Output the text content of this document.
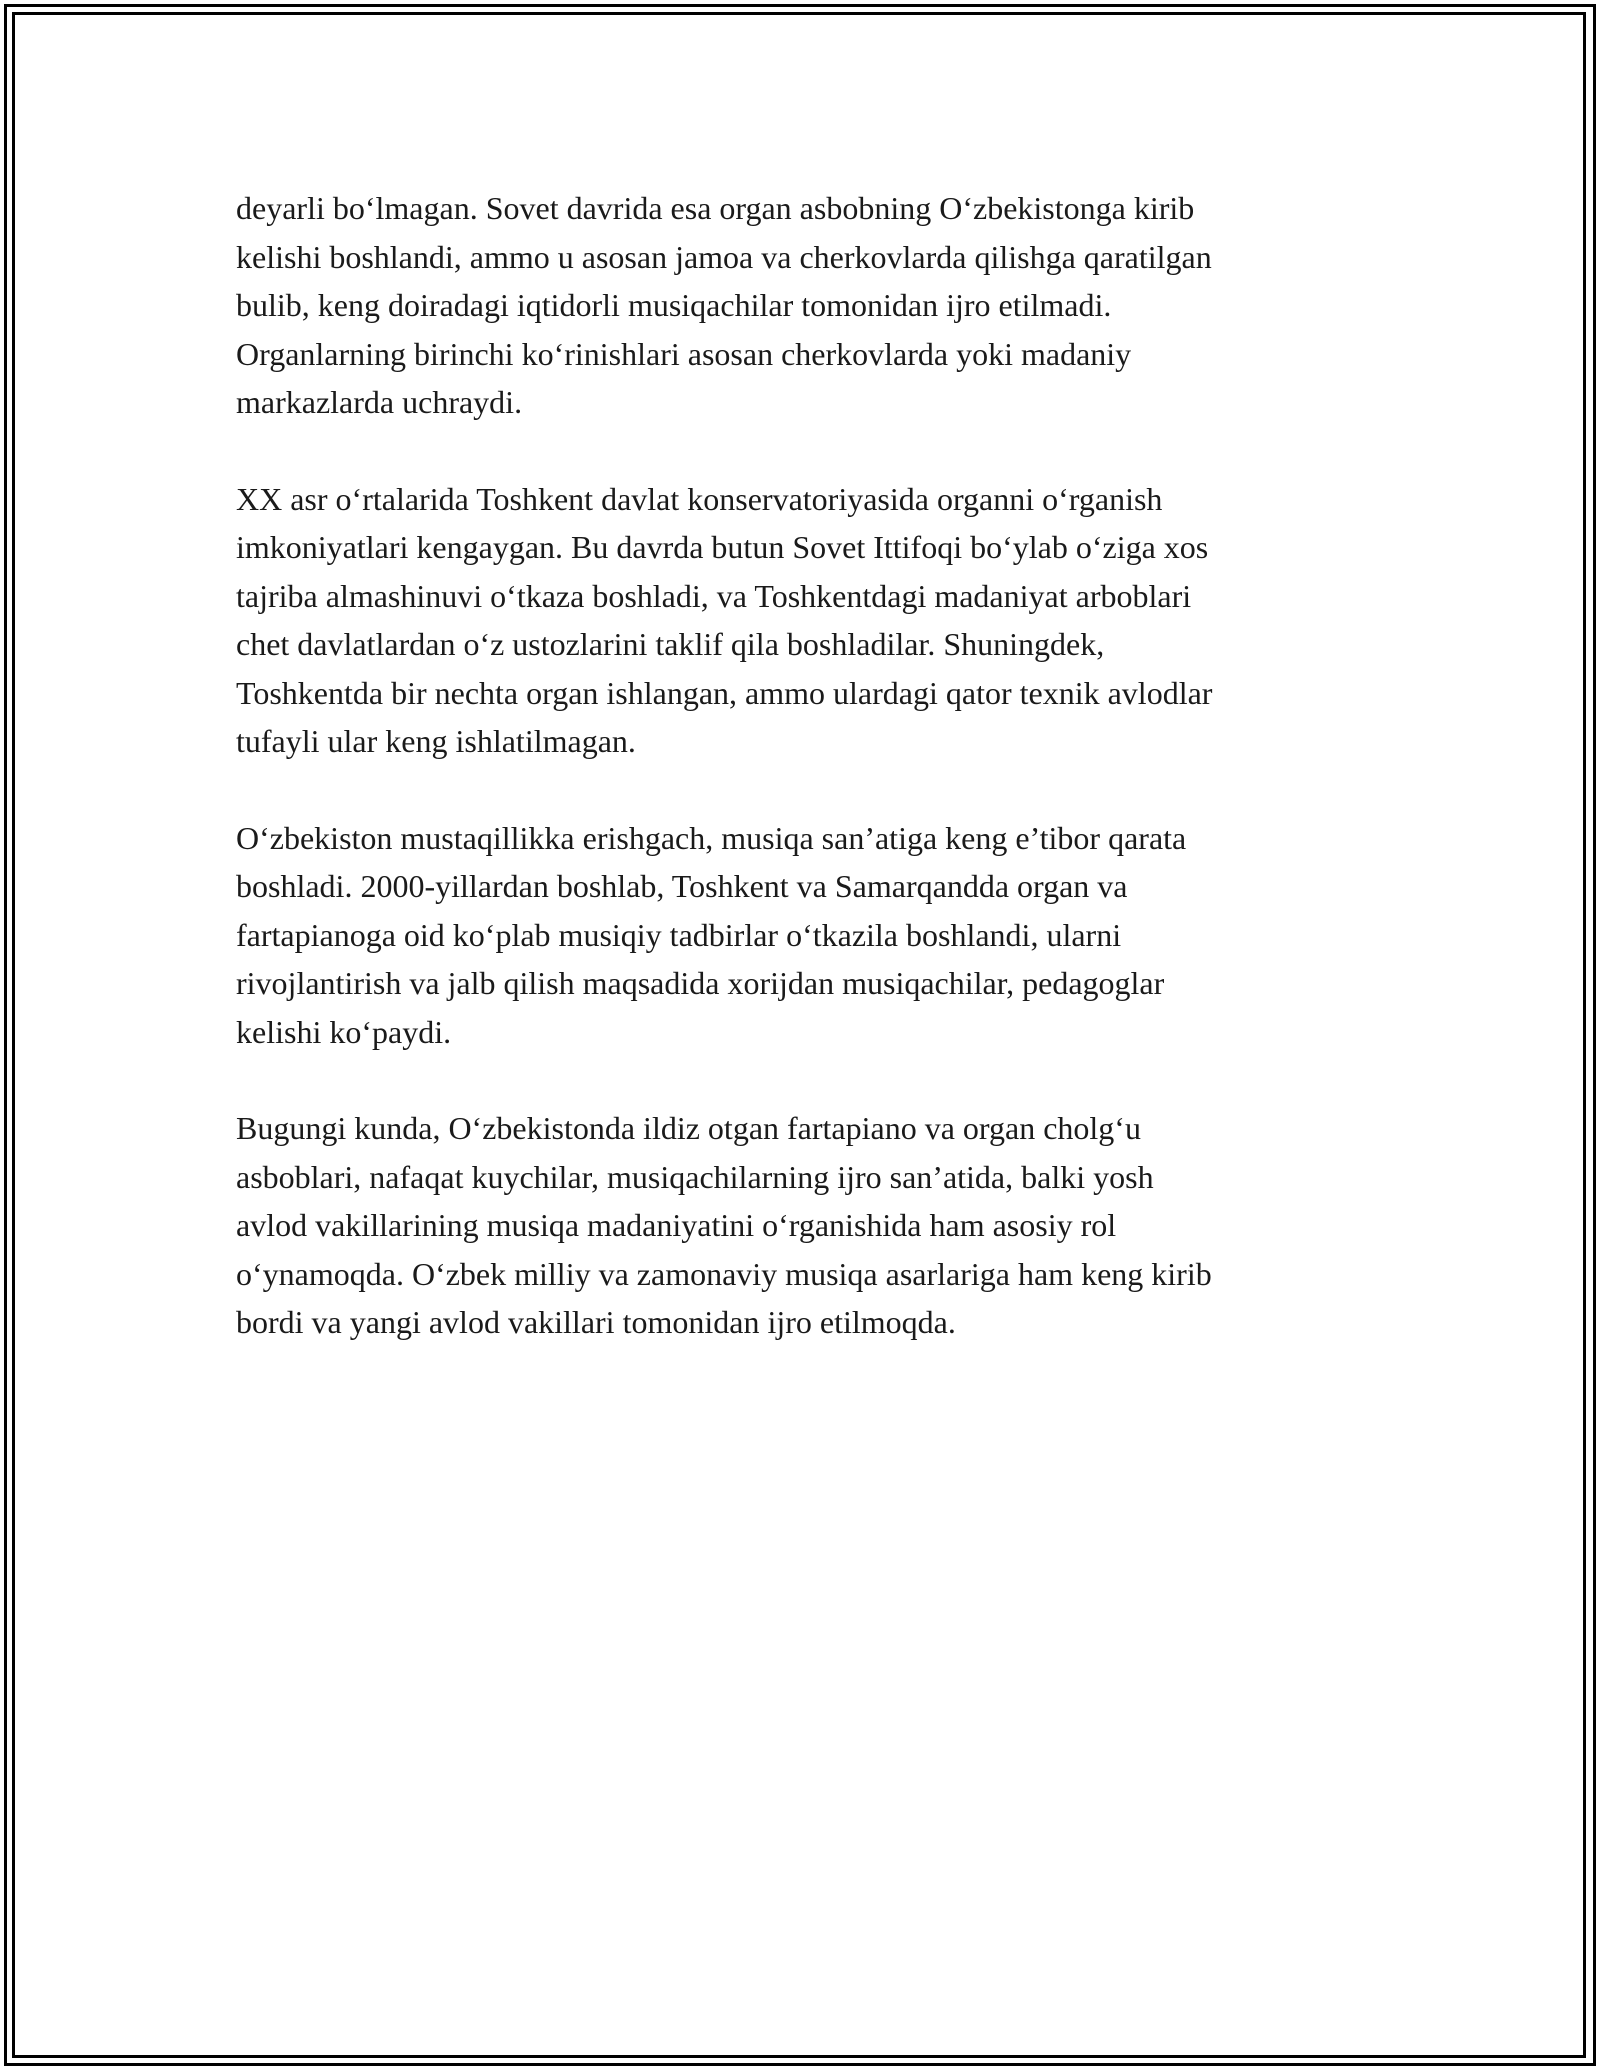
deyarli bo‘lmagan. Sovet davrida esa organ asbobning O‘zbekistonga kirib
kelishi boshlandi, ammo u asosan jamoa va cherkovlarda qilishga qaratilgan
bulib, keng doiradagi iqtidorli musiqachilar tomonidan ijro etilmadi.
Organlarning birinchi ko‘rinishlari asosan cherkovlarda yoki madaniy
markazlarda uchraydi.

XX asr o‘rtalarida Toshkent davlat konservatoriyasida organni o‘rganish
imkoniyatlari kengaygan. Bu davrda butun Sovet Ittifoqi bo‘ylab o‘ziga xos
tajriba almashinuvi o‘tkaza boshladi, va Toshkentdagi madaniyat arboblari
chet davlatlardan o‘z ustozlarini taklif qila boshladilar. Shuningdek,
Toshkentda bir nechta organ ishlangan, ammo ulardagi qator texnik avlodlar
tufayli ular keng ishlatilmagan.

O‘zbekiston mustaqillikka erishgach, musiqa san’atiga keng e’tibor qarata
boshladi. 2000-yillardan boshlab, Toshkent va Samarqandda organ va
fartapianoga oid ko‘plab musiqiy tadbirlar o‘tkazila boshlandi, ularni
rivojlantirish va jalb qilish maqsadida xorijdan musiqachilar, pedagoglar
kelishi ko‘paydi.

Bugungi kunda, O‘zbekistonda ildiz otgan fartapiano va organ cholg‘u
asboblari, nafaqat kuychilar, musiqachilarning ijro san’atida, balki yosh
avlod vakillarining musiqa madaniyatini o‘rganishida ham asosiy rol
o‘ynamoqda. O‘zbek milliy va zamonaviy musiqa asarlariga ham keng kirib
bordi va yangi avlod vakillari tomonidan ijro etilmoqda.
